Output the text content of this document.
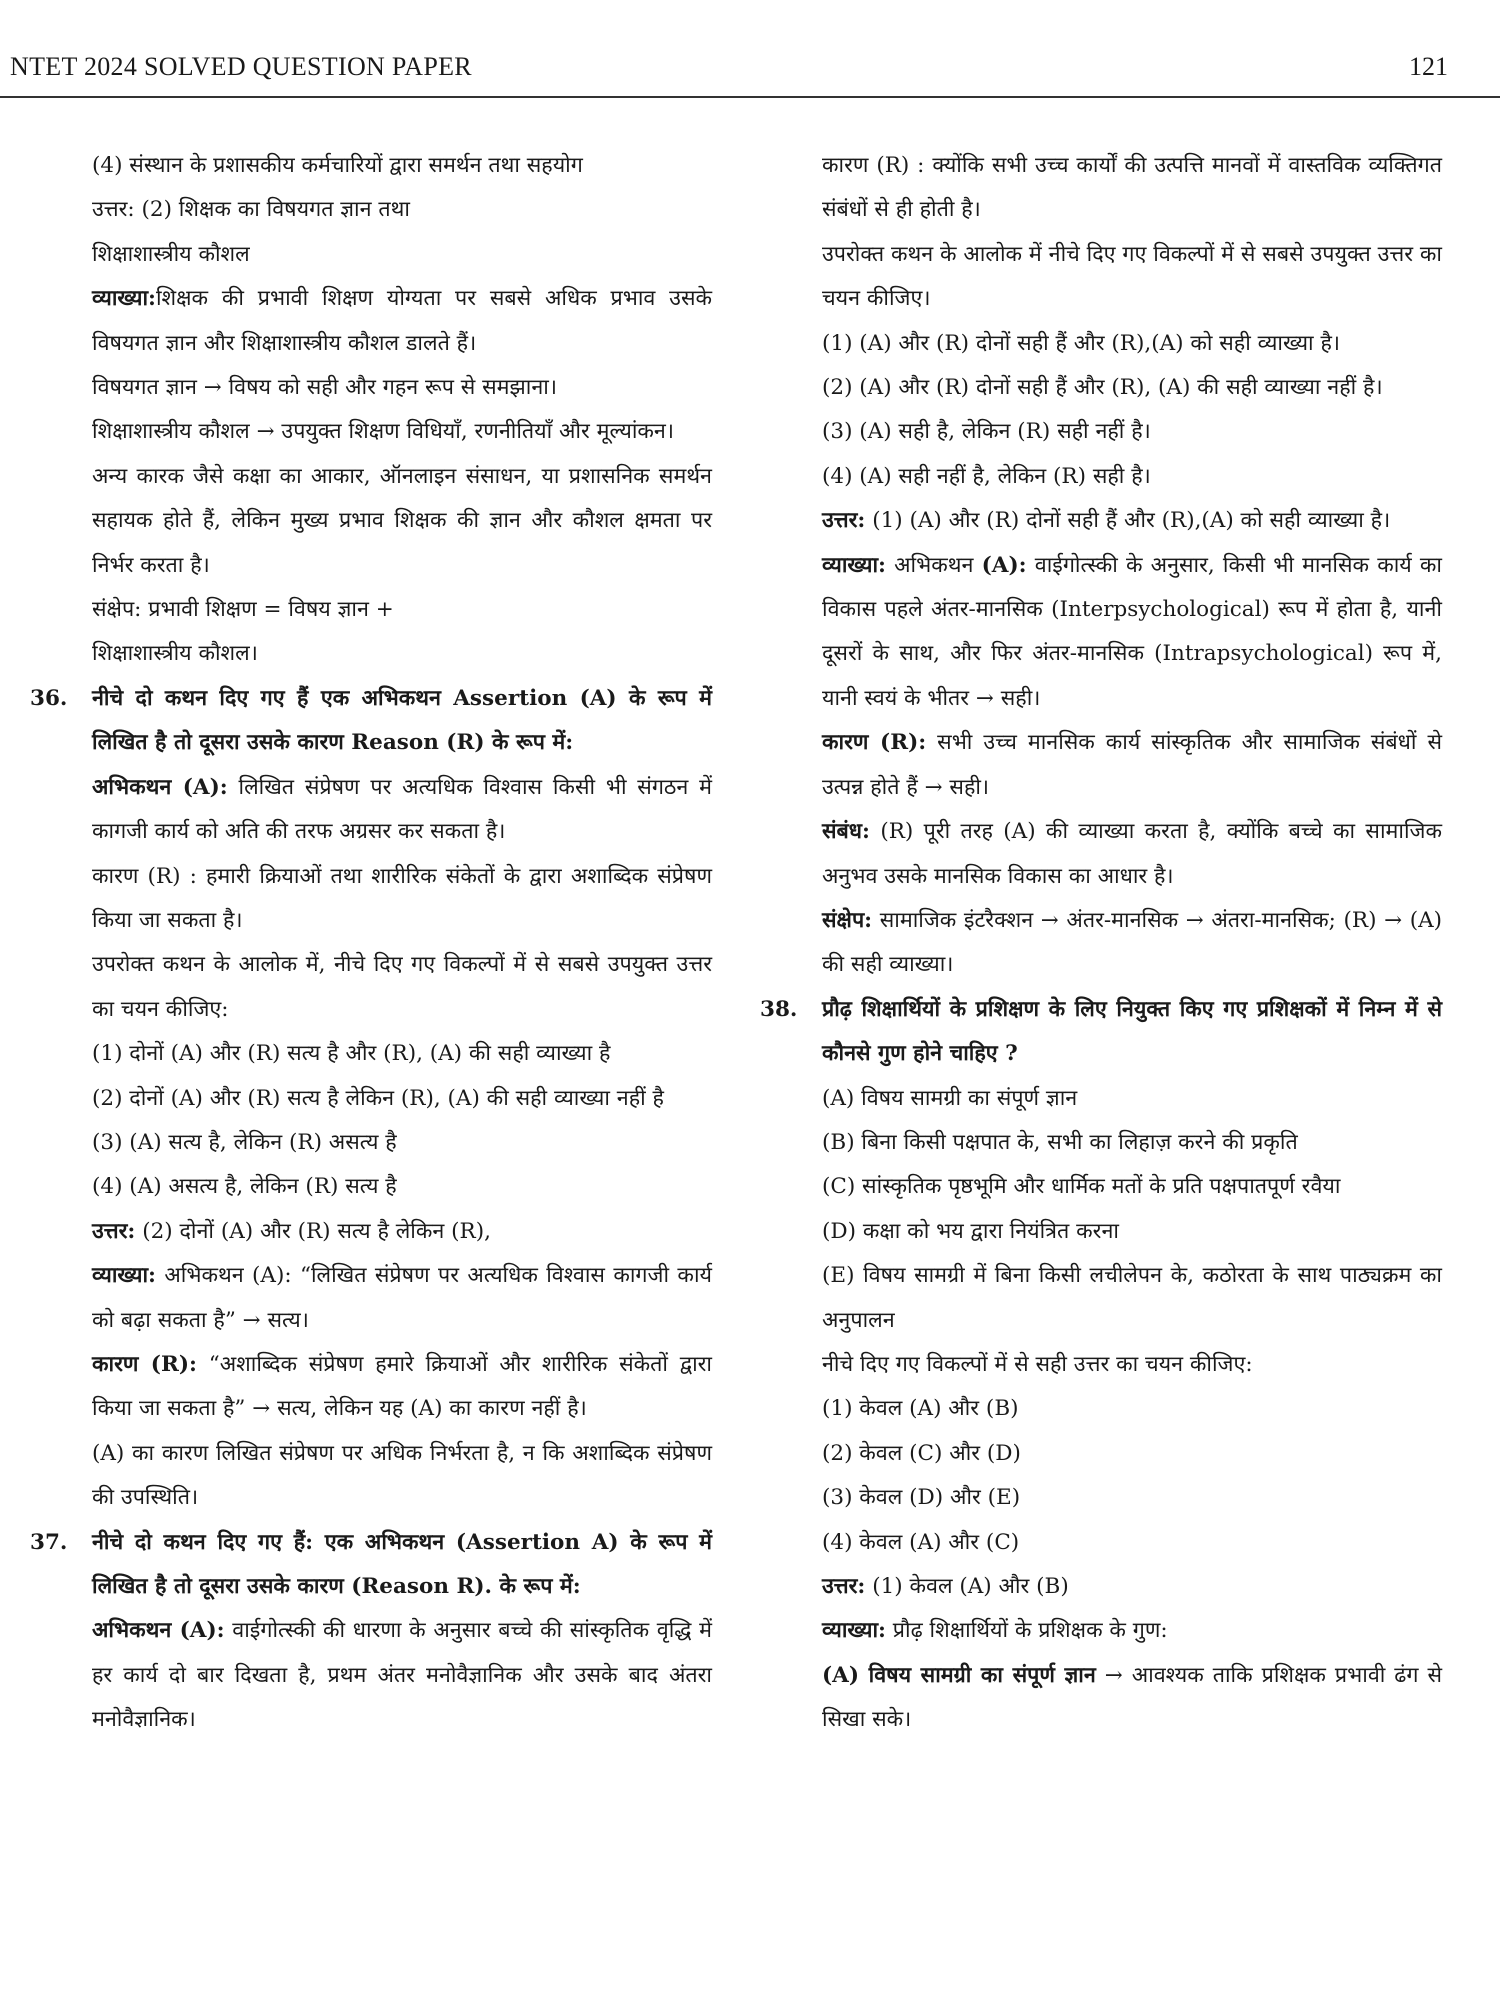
NTET 2024 SOLVED QUESTION PAPER	121

(4) संस्थान के प्रशासकीय कर्मचारियों द्वारा समर्थन तथा सहयोग

उत्तर: (2) शिक्षक का विषयगत ज्ञान तथा

शिक्षाशास्त्रीय कौशल

व्याख्या:शिक्षक की प्रभावी शिक्षण योग्यता पर सबसे अधिक प्रभाव उसके विषयगत ज्ञान और शिक्षाशास्त्रीय कौशल डालते हैं।

विषयगत ज्ञान → विषय को सही और गहन रूप से समझाना।

शिक्षाशास्त्रीय कौशल → उपयुक्त शिक्षण विधियाँ, रणनीतियाँ और मूल्यांकन।

अन्य कारक जैसे कक्षा का आकार, ऑनलाइन संसाधन, या प्रशासनिक समर्थन सहायक होते हैं, लेकिन मुख्य प्रभाव शिक्षक की ज्ञान और कौशल क्षमता पर निर्भर करता है।

संक्षेप: प्रभावी शिक्षण = विषय ज्ञान +

शिक्षाशास्त्रीय कौशल।

36.	नीचे दो कथन दिए गए हैं एक अभिकथन Assertion (A) के रूप में लिखित है तो दूसरा उसके कारण Reason (R) के रूप में:

अभिकथन (A): लिखित संप्रेषण पर अत्यधिक विश्वास किसी भी संगठन में कागजी कार्य को अति की तरफ अग्रसर कर सकता है।

कारण (R) : हमारी क्रियाओं तथा शारीरिक संकेतों के द्वारा अशाब्दिक संप्रेषण किया जा सकता है।

उपरोक्त कथन के आलोक में, नीचे दिए गए विकल्पों में से सबसे उपयुक्त उत्तर का चयन कीजिए:

(1) दोनों (A) और (R) सत्य है और (R), (A) की सही व्याख्या है

(2) दोनों (A) और (R) सत्य है लेकिन (R), (A) की सही व्याख्या नहीं है

(3) (A) सत्य है, लेकिन (R) असत्य है

(4) (A) असत्य है, लेकिन (R) सत्य है

उत्तर: (2) दोनों (A) और (R) सत्य है लेकिन (R),

व्याख्या: अभिकथन (A): “लिखित संप्रेषण पर अत्यधिक विश्वास कागजी कार्य को बढ़ा सकता है” → सत्य।

कारण (R): “अशाब्दिक संप्रेषण हमारे क्रियाओं और शारीरिक संकेतों द्वारा किया जा सकता है” → सत्य, लेकिन यह (A) का कारण नहीं है।

(A) का कारण लिखित संप्रेषण पर अधिक निर्भरता है, न कि अशाब्दिक संप्रेषण की उपस्थिति।

37.	नीचे दो कथन दिए गए हैं: एक अभिकथन (Assertion A) के रूप में लिखित है तो दूसरा उसके कारण (Reason R). के रूप में:

अभिकथन (A): वाईगोत्स्की की धारणा के अनुसार बच्चे की सांस्कृतिक वृद्धि में हर कार्य दो बार दिखता है, प्रथम अंतर मनोवैज्ञानिक और उसके बाद अंतरा मनोवैज्ञानिक।

कारण (R) : क्योंकि सभी उच्च कार्यों की उत्पत्ति मानवों में वास्तविक व्यक्तिगत संबंधों से ही होती है।

उपरोक्त कथन के आलोक में नीचे दिए गए विकल्पों में से सबसे उपयुक्त उत्तर का चयन कीजिए।

(1) (A) और (R) दोनों सही हैं और (R),(A) को सही व्याख्या है।

(2) (A) और (R) दोनों सही हैं और (R), (A) की सही व्याख्या नहीं है।

(3) (A) सही है, लेकिन (R) सही नहीं है।

(4) (A) सही नहीं है, लेकिन (R) सही है।

उत्तर: (1) (A) और (R) दोनों सही हैं और (R),(A) को सही व्याख्या है।

व्याख्या: अभिकथन (A): वाईगोत्स्की के अनुसार, किसी भी मानसिक कार्य का विकास पहले अंतर-मानसिक (Interpsychological) रूप में होता है, यानी दूसरों के साथ, और फिर अंतर-मानसिक (Intrapsychological) रूप में, यानी स्वयं के भीतर → सही।

कारण (R): सभी उच्च मानसिक कार्य सांस्कृतिक और सामाजिक संबंधों से उत्पन्न होते हैं → सही।

संबंध: (R) पूरी तरह (A) की व्याख्या करता है, क्योंकि बच्चे का सामाजिक अनुभव उसके मानसिक विकास का आधार है।

संक्षेप: सामाजिक इंटरैक्शन → अंतर-मानसिक → अंतरा-मानसिक; (R) → (A) की सही व्याख्या।

38.	प्रौढ़ शिक्षार्थियों के प्रशिक्षण के लिए नियुक्त किए गए प्रशिक्षकों में निम्न में से कौनसे गुण होने चाहिए ?

(A) विषय सामग्री का संपूर्ण ज्ञान

(B) बिना किसी पक्षपात के, सभी का लिहाज़ करने की प्रकृति

(C) सांस्कृतिक पृष्ठभूमि और धार्मिक मतों के प्रति पक्षपातपूर्ण रवैया

(D) कक्षा को भय द्वारा नियंत्रित करना

(E) विषय सामग्री में बिना किसी लचीलेपन के, कठोरता के साथ पाठ्यक्रम का अनुपालन

नीचे दिए गए विकल्पों में से सही उत्तर का चयन कीजिए:

(1) केवल (A) और (B)

(2) केवल (C) और (D)

(3) केवल (D) और (E)

(4) केवल (A) और (C)

उत्तर: (1) केवल (A) और (B)

व्याख्या: प्रौढ़ शिक्षार्थियों के प्रशिक्षक के गुण:

(A) विषय सामग्री का संपूर्ण ज्ञान → आवश्यक ताकि प्रशिक्षक प्रभावी ढंग से सिखा सके।
